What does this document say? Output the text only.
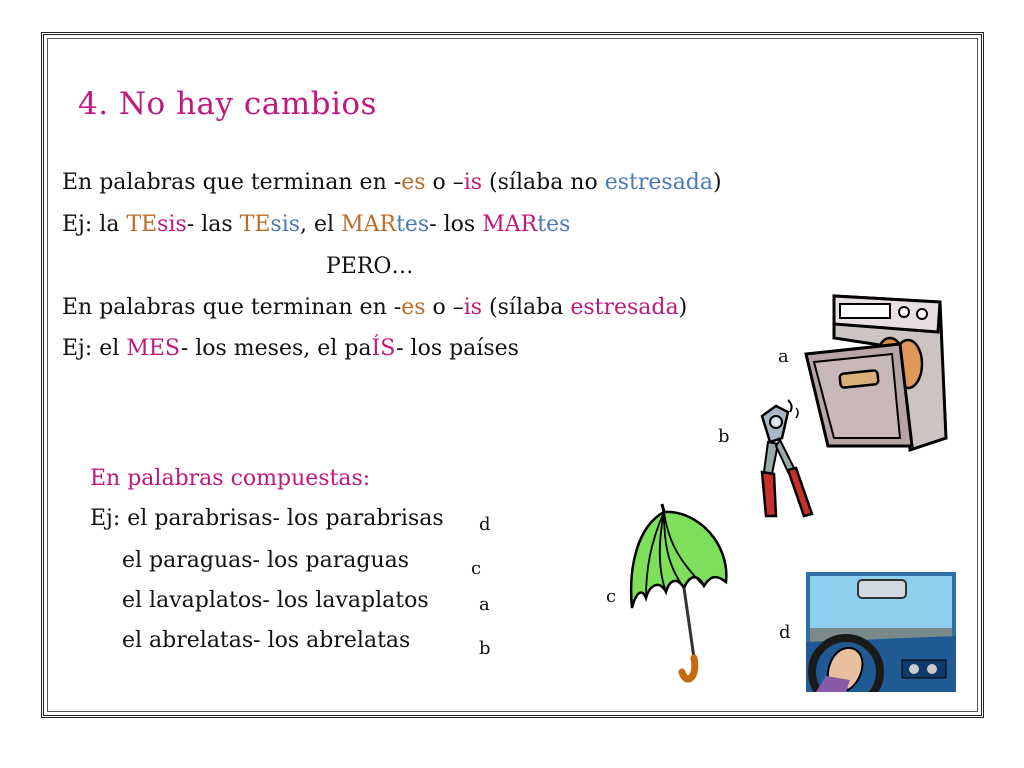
4. No hay cambios
En palabras que terminan en -es o –is (sílaba no estresada)
Ej: la TEsis- las TEsis, el MARtes- los MARtes
PERO…
En palabras que terminan en -es o –is (sílaba estresada)
Ej: el MES- los meses, el paÍS- los países
En palabras compuestas:
Ej: el parabrisas- los parabrisas
el paraguas- los paraguas
el lavaplatos- los lavaplatos
el abrelatas- los abrelatas
d
c
a
b
a
b
c
d
